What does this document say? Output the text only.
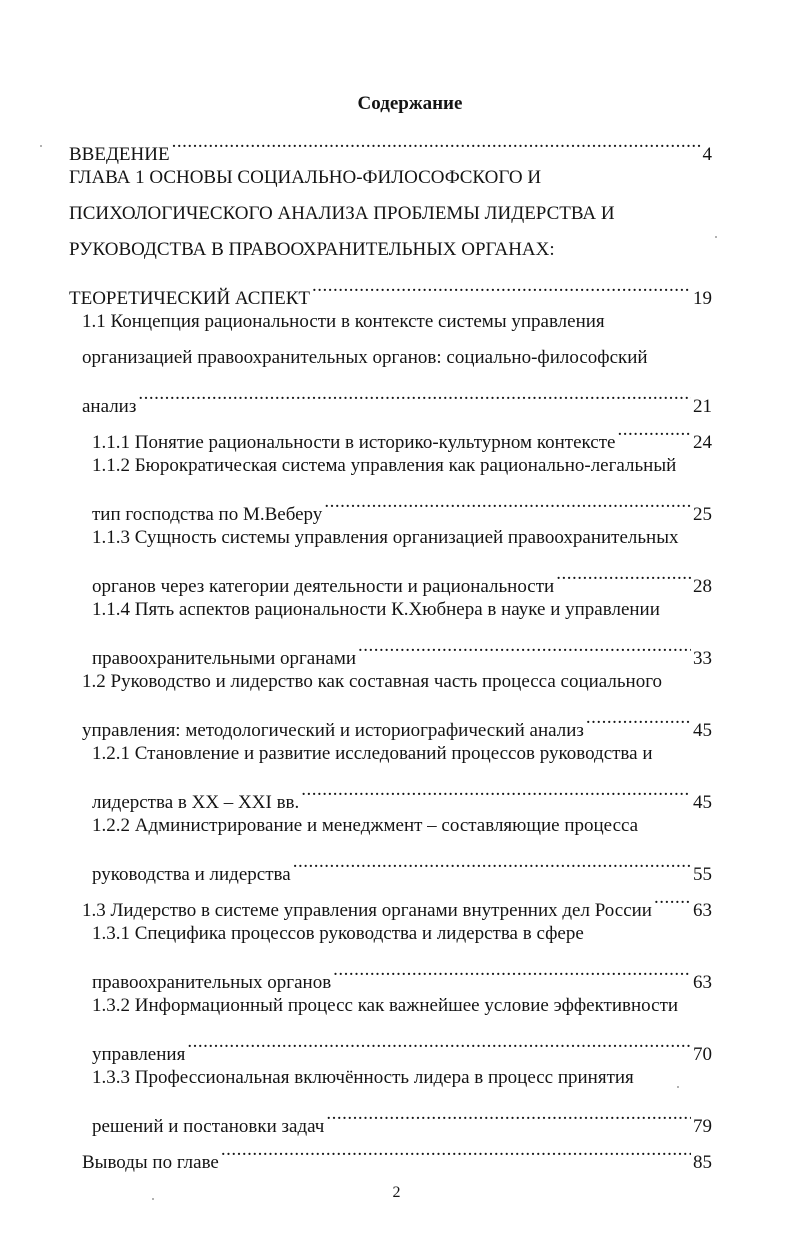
Содержание
ВВЕДЕНИЕ .....	4
ГЛАВА 1 ОСНОВЫ СОЦИАЛЬНО-ФИЛОСОФСКОГО И
ПСИХОЛОГИЧЕСКОГО АНАЛИЗА ПРОБЛЕМЫ ЛИДЕРСТВА И
РУКОВОДСТВА В ПРАВООХРАНИТЕЛЬНЫХ ОРГАНАХ:
ТЕОРЕТИЧЕСКИЙ АСПЕКТ .....	19
1.1 Концепция рациональности в контексте системы управления
организацией правоохранительных органов: социально-философский
анализ .....	21
1.1.1 Понятие рациональности в историко-культурном контексте .....	24
1.1.2 Бюрократическая система управления как рационально-легальный
тип господства по М.Веберу .....	25
1.1.3 Сущность системы управления организацией правоохранительных
органов через категории деятельности и рациональности .....	28
1.1.4 Пять аспектов рациональности К.Хюбнера в науке и управлении
правоохранительными органами .....	33
1.2 Руководство и лидерство как составная часть процесса социального
управления: методологический и историографический анализ .....	45
1.2.1 Становление и развитие исследований процессов руководства и
лидерства в XX – XXI вв. .....	45
1.2.2 Администрирование и менеджмент – составляющие процесса
руководства и лидерства .....	55
1.3 Лидерство в системе управления органами внутренних дел России ..... 63
1.3.1 Специфика процессов руководства и лидерства в сфере
правоохранительных органов .....	63
1.3.2 Информационный процесс как важнейшее условие эффективности
управления .....	70
1.3.3 Профессиональная включённость лидера в процесс принятия
решений и постановки задач .....	79
Выводы по главе .....	85
2
